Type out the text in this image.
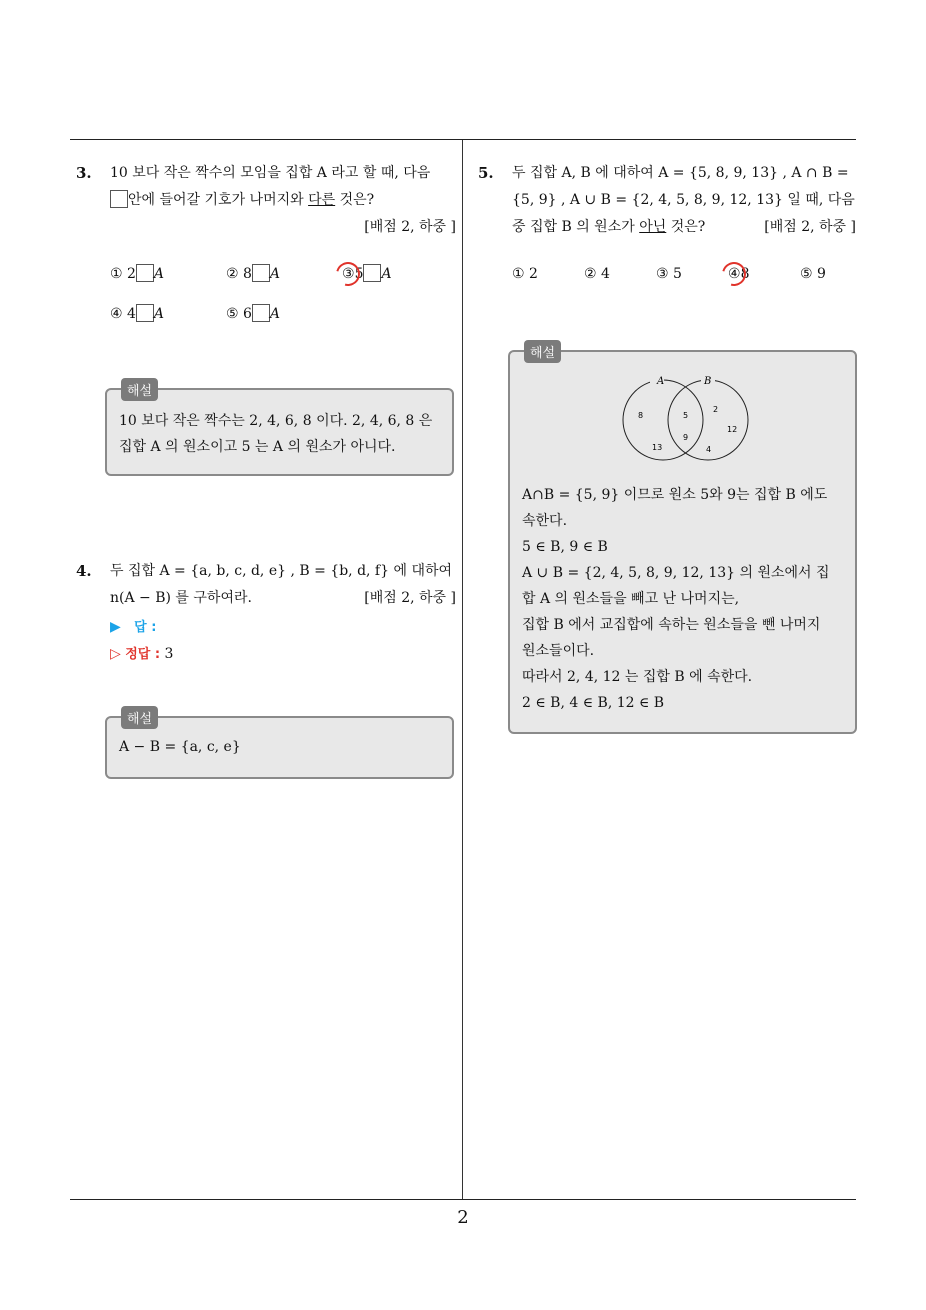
3. 10 보다 작은 짝수의 모임을 집합 A 라고 할 때, 다음
안에 들어갈 기호가 나머지와 다른 것은?
[배점 2, 하중 ]
① 2 A	② 8 A	③5 A
④ 4 A	⑤ 6 A
해설
10 보다 작은 짝수는 2, 4, 6, 8 이다. 2, 4, 6, 8 은
집합 A 의 원소이고 5 는 A 의 원소가 아니다.
4. 두 집합 A = {a, b, c, d, e} , B = {b, d, f} 에 대하여
n(A − B) 를 구하여라.	[배점 2, 하중 ]
▶ 답 :
▷ 정답 : 3
해설
A − B = {a, c, e}
5. 두 집합 A, B 에 대하여 A = {5, 8, 9, 13} , A ∩ B =
{5, 9} , A ∪ B = {2, 4, 5, 8, 9, 12, 13} 일 때, 다음
중 집합 B 의 원소가 아닌 것은?	[배점 2, 하중 ]
① 2	② 4	③ 5	④8	⑤ 9
해설
A	B
8
13
5
9
2
12
4
A∩B = {5, 9} 이므로 원소 5와 9는 집합 B 에도
속한다.
5 ∈ B, 9 ∈ B
A ∪ B = {2, 4, 5, 8, 9, 12, 13} 의 원소에서 집
합 A 의 원소들을 빼고 난 나머지는,
집합 B 에서 교집합에 속하는 원소들을 뺀 나머지
원소들이다.
따라서 2, 4, 12 는 집합 B 에 속한다.
2 ∈ B, 4 ∈ B, 12 ∈ B
2
